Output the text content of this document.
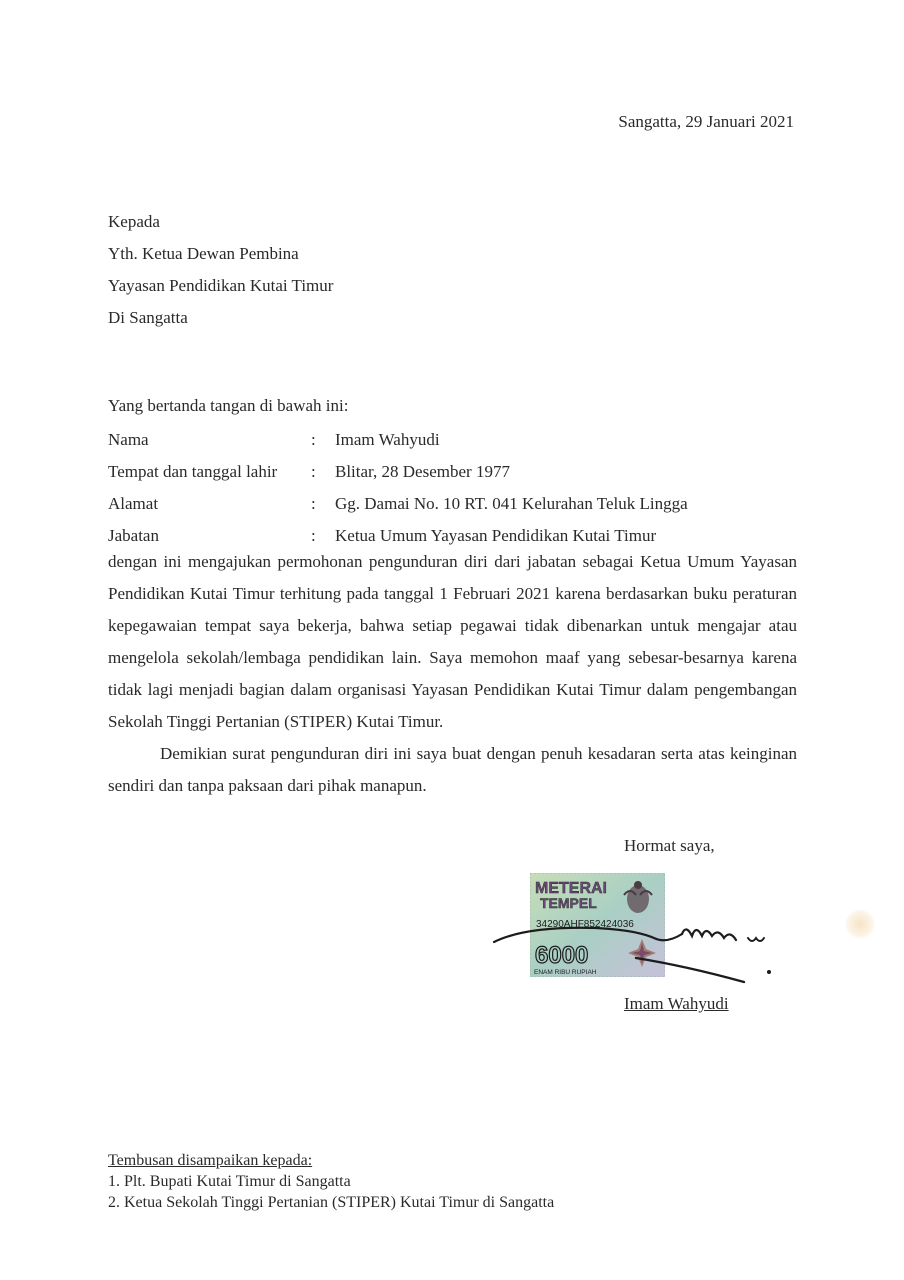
Sangatta, 29 Januari 2021
Kepada
Yth. Ketua Dewan Pembina
Yayasan Pendidikan Kutai Timur
Di Sangatta
Yang bertanda tangan di bawah ini:
Nama	:	Imam Wahyudi
Tempat dan tanggal lahir	:	Blitar, 28 Desember 1977
Alamat	:	Gg. Damai No. 10 RT. 041 Kelurahan Teluk Lingga
Jabatan	:	Ketua Umum Yayasan Pendidikan Kutai Timur

dengan ini mengajukan permohonan pengunduran diri dari jabatan sebagai Ketua Umum Yayasan Pendidikan Kutai Timur terhitung pada tanggal 1 Februari 2021 karena berdasarkan buku peraturan kepegawaian tempat saya bekerja, bahwa setiap pegawai tidak dibenarkan untuk mengajar atau mengelola sekolah/lembaga pendidikan lain. Saya memohon maaf yang sebesar-besarnya karena tidak lagi menjadi bagian dalam organisasi Yayasan Pendidikan Kutai Timur dalam pengembangan Sekolah Tinggi Pertanian (STIPER) Kutai Timur.

Demikian surat pengunduran diri ini saya buat dengan penuh kesadaran serta atas keinginan sendiri dan tanpa paksaan dari pihak manapun.

Hormat saya,
METERAI
TEMPEL
34290AHF852424036
6000
ENAM RIBU RUPIAH
Imam Wahyudi
Tembusan disampaikan kepada:
1. Plt. Bupati Kutai Timur di Sangatta
2. Ketua Sekolah Tinggi Pertanian (STIPER) Kutai Timur di Sangatta
